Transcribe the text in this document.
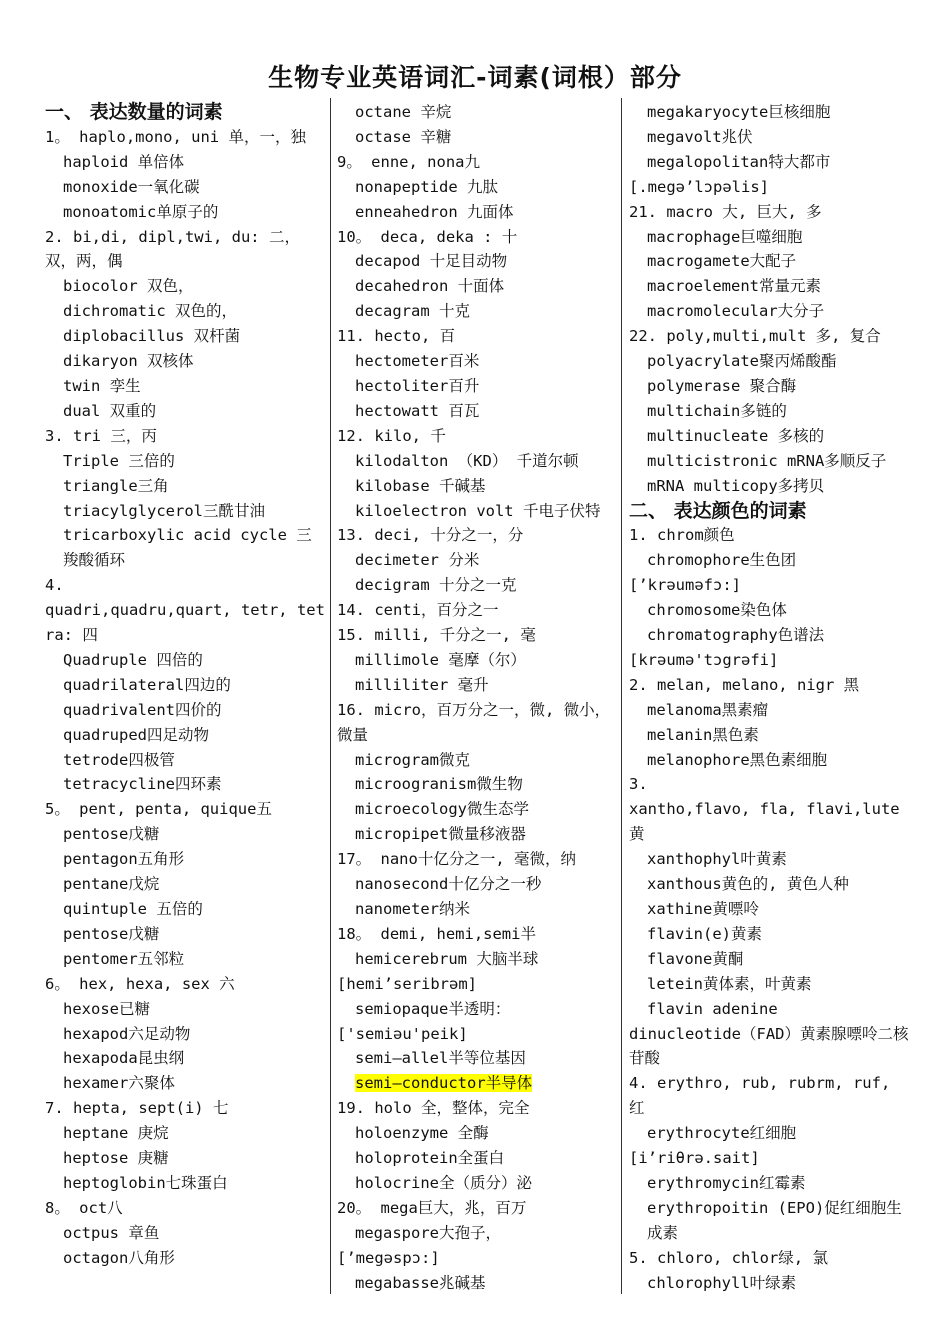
生物专业英语词汇-词素(词根）部分
一、 表达数量的词素
1。 haplo,mono, uni 单，一，独
haploid 单倍体
monoxide一氧化碳
monoatomic单原子的
2. bi,di, dipl,twi, du: 二，双，两，偶
biocolor 双色，
dichromatic 双色的，
diplobacillus 双杆菌
dikaryon 双核体
twin 孪生
dual 双重的
3. tri 三，丙
Triple 三倍的
triangle三角
triacylglycerol三酰甘油
tricarboxylic acid cycle 三羧酸循环
4.
quadri,quadru,quart, tetr, tetra: 四
Quadruple 四倍的
quadrilateral四边的
quadrivalent四价的
quadruped四足动物
tetrode四极管
tetracycline四环素
5。 pent, penta, quique五
pentose戊糖
pentagon五角形
pentane戊烷
quintuple 五倍的
pentose戊糖
pentomer五邻粒
6。 hex, hexa, sex 六
hexose已糖
hexapod六足动物
hexapoda昆虫纲
hexamer六聚体
7. hepta, sept(i) 七
heptane 庚烷
heptose 庚糖
heptoglobin七珠蛋白
8。 oct八
octpus 章鱼
octagon八角形
octane 辛烷
octase 辛糖
9。 enne, nona九
nonapeptide 九肽
enneahedron 九面体
10。 deca, deka : 十
decapod 十足目动物
decahedron 十面体
decagram 十克
11. hecto, 百
hectometer百米
hectoliter百升
hectowatt 百瓦
12. kilo, 千
kilodalton （KD） 千道尔顿
kilobase 千碱基
kiloelectron volt 千电子伏特
13. deci, 十分之一，分
decimeter 分米
decigram 十分之一克
14. centi，百分之一
15. milli, 千分之一, 毫
millimole 毫摩（尔）
milliliter 毫升
16. micro，百万分之一，微, 微小，微量
microgram微克
microogranism微生物
microecology微生态学
micropipet微量移液器
17。 nano十亿分之一, 毫微，纳
nanosecond十亿分之一秒
nanometer纳米
18。 demi, hemi,semi半
hemicerebrum 大脑半球
[hemi’seribrəm]
semiopaque半透明：
['semiəu'peik]
semi—allel半等位基因
semi—conductor半导体
19. holo 全，整体，完全
holoenzyme 全酶
holoprotein全蛋白
holocrine全（质分）泌
20。 mega巨大，兆，百万
megaspore大孢子，
[’megəspɔ:]
megabasse兆碱基
megakaryocyte巨核细胞
megavolt兆伏
megalopolitan特大都市
[.megə’lɔpəlis]
21. macro 大, 巨大, 多
macrophage巨噬细胞
macrogamete大配子
macroelement常量元素
macromolecular大分子
22. poly,multi,mult 多, 复合
polyacrylate聚丙烯酸酯
polymerase 聚合酶
multichain多链的
multinucleate 多核的
multicistronic mRNA多顺反子
mRNA multicopy多拷贝
二、 表达颜色的词素
1. chrom颜色
chromophore生色团
[’krəuməfɔ:]
chromosome染色体
chromatography色谱法
[krəumə'tɔgrəfi]
2. melan, melano, nigr 黑
melanoma黑素瘤
melanin黑色素
melanophore黑色素细胞
3.
xantho,flavo, fla, flavi,lute黄
xanthophyl叶黄素
xanthous黄色的, 黄色人种
xathine黄嘌呤
flavin(e)黄素
flavone黄酮
letein黄体素，叶黄素
flavin adenine
dinucleotide（FAD）黄素腺嘌呤二核苷酸
4. erythro, rub, rubrm, ruf, 红
erythrocyte红细胞
[i’riθrə.sait]
erythromycin红霉素
erythropoitin (EPO)促红细胞生成素
5. chloro, chlor绿, 氯
chlorophyll叶绿素
